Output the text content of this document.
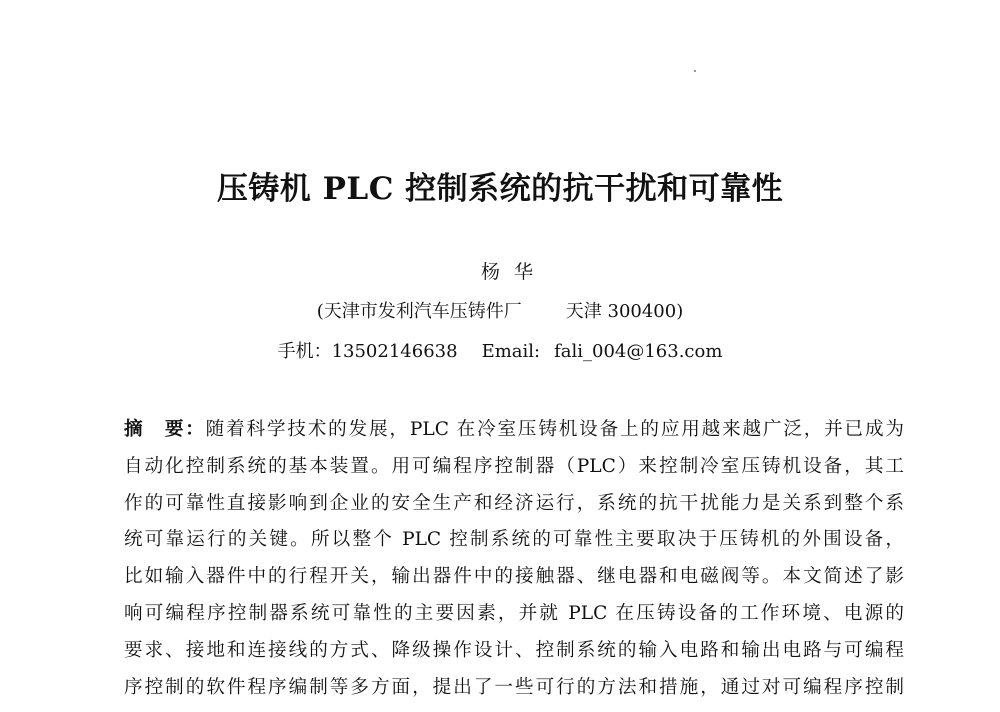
压铸机 PLC 控制系统的抗干扰和可靠性
杨华
(天津市发利汽车压铸件厂 天津 300400)
手机：13502146638 Email: fali_004@163.com
摘　要：随着科学技术的发展，PLC 在冷室压铸机设备上的应用越来越广泛，并已成为
自动化控制系统的基本装置。用可编程序控制器（PLC）来控制冷室压铸机设备，其工
作的可靠性直接影响到企业的安全生产和经济运行，系统的抗干扰能力是关系到整个系
统可靠运行的关键。所以整个 PLC 控制系统的可靠性主要取决于压铸机的外围设备，
比如输入器件中的行程开关，输出器件中的接触器、继电器和电磁阀等。本文简述了影
响可编程序控制器系统可靠性的主要因素，并就 PLC 在压铸设备的工作环境、电源的
要求、接地和连接线的方式、降级操作设计、控制系统的输入电路和输出电路与可编程
序控制的软件程序编制等多方面，提出了一些可行的方法和措施，通过对可编程序控制
